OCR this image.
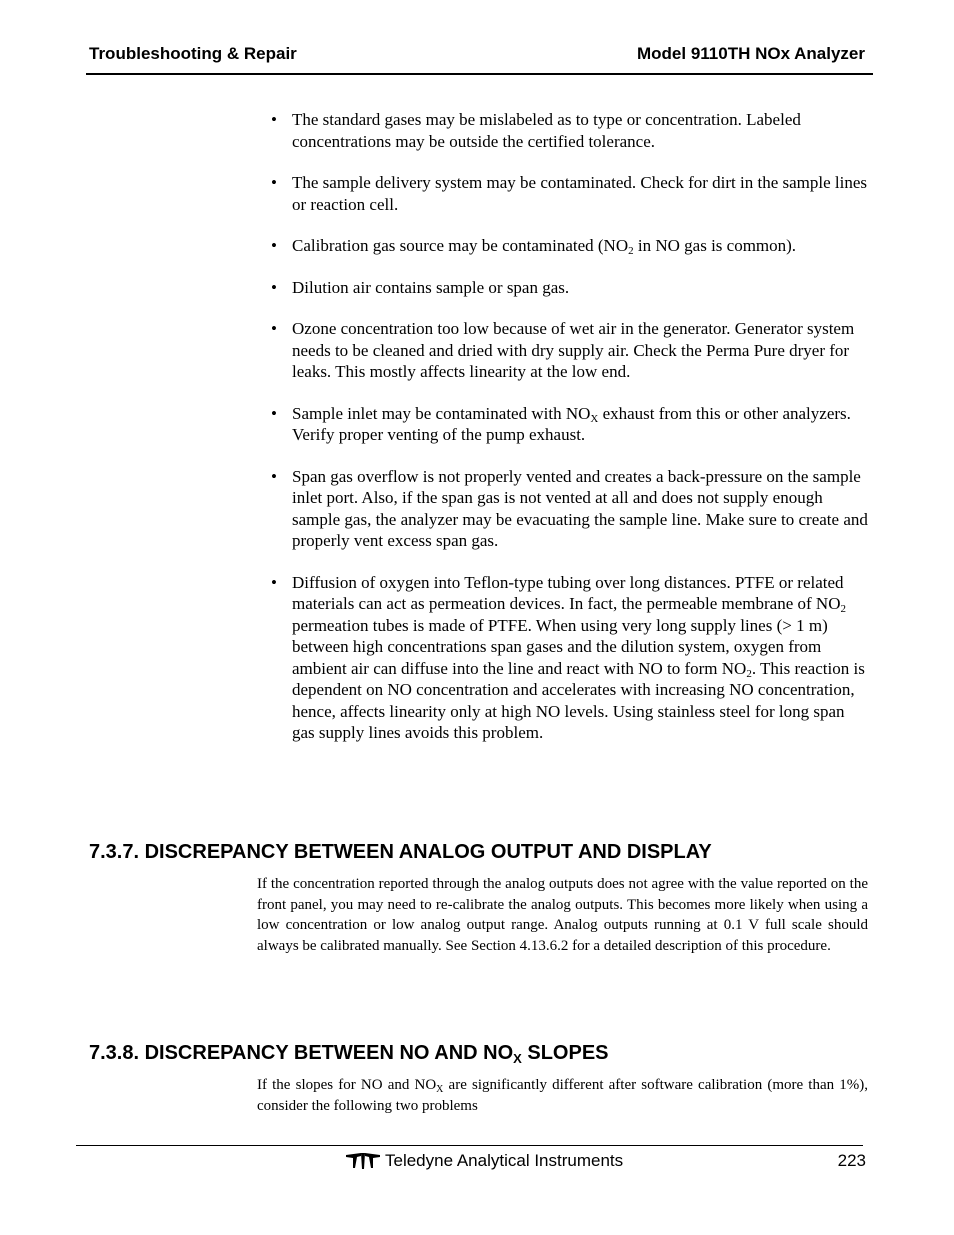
Troubleshooting & Repair	Model 9110TH NOx Analyzer
• The standard gases may be mislabeled as to type or concentration. Labeled concentrations may be outside the certified tolerance.
• The sample delivery system may be contaminated. Check for dirt in the sample lines or reaction cell.
• Calibration gas source may be contaminated ($NO_2$ in NO gas is common).
• Dilution air contains sample or span gas.
• Ozone concentration too low because of wet air in the generator. Generator system needs to be cleaned and dried with dry supply air. Check the Perma Pure dryer for leaks. This mostly affects linearity at the low end.
• Sample inlet may be contaminated with $NO_X$ exhaust from this or other analyzers. Verify proper venting of the pump exhaust.
• Span gas overflow is not properly vented and creates a back-pressure on the sample inlet port. Also, if the span gas is not vented at all and does not supply enough sample gas, the analyzer may be evacuating the sample line. Make sure to create and properly vent excess span gas.
• Diffusion of oxygen into Teflon-type tubing over long distances. PTFE or related materials can act as permeation devices. In fact, the permeable membrane of $NO_2$ permeation tubes is made of PTFE. When using very long supply lines (> 1 m) between high concentrations span gases and the dilution system, oxygen from ambient air can diffuse into the line and react with NO to form $NO_2$. This reaction is dependent on NO concentration and accelerates with increasing NO concentration, hence, affects linearity only at high NO levels. Using stainless steel for long span gas supply lines avoids this problem.
7.3.7. DISCREPANCY BETWEEN ANALOG OUTPUT AND DISPLAY

If the concentration reported through the analog outputs does not agree with the value reported on the front panel, you may need to re-calibrate the analog outputs. This becomes more likely when using a low concentration or low analog output range. Analog outputs running at 0.1 V full scale should always be calibrated manually. See Section 4.13.6.2 for a detailed description of this procedure.

7.3.8. DISCREPANCY BETWEEN NO AND $NO_X$ SLOPES

If the slopes for NO and $NO_X$ are significantly different after software calibration (more than 1%), consider the following two problems

Teledyne Analytical Instruments	223
